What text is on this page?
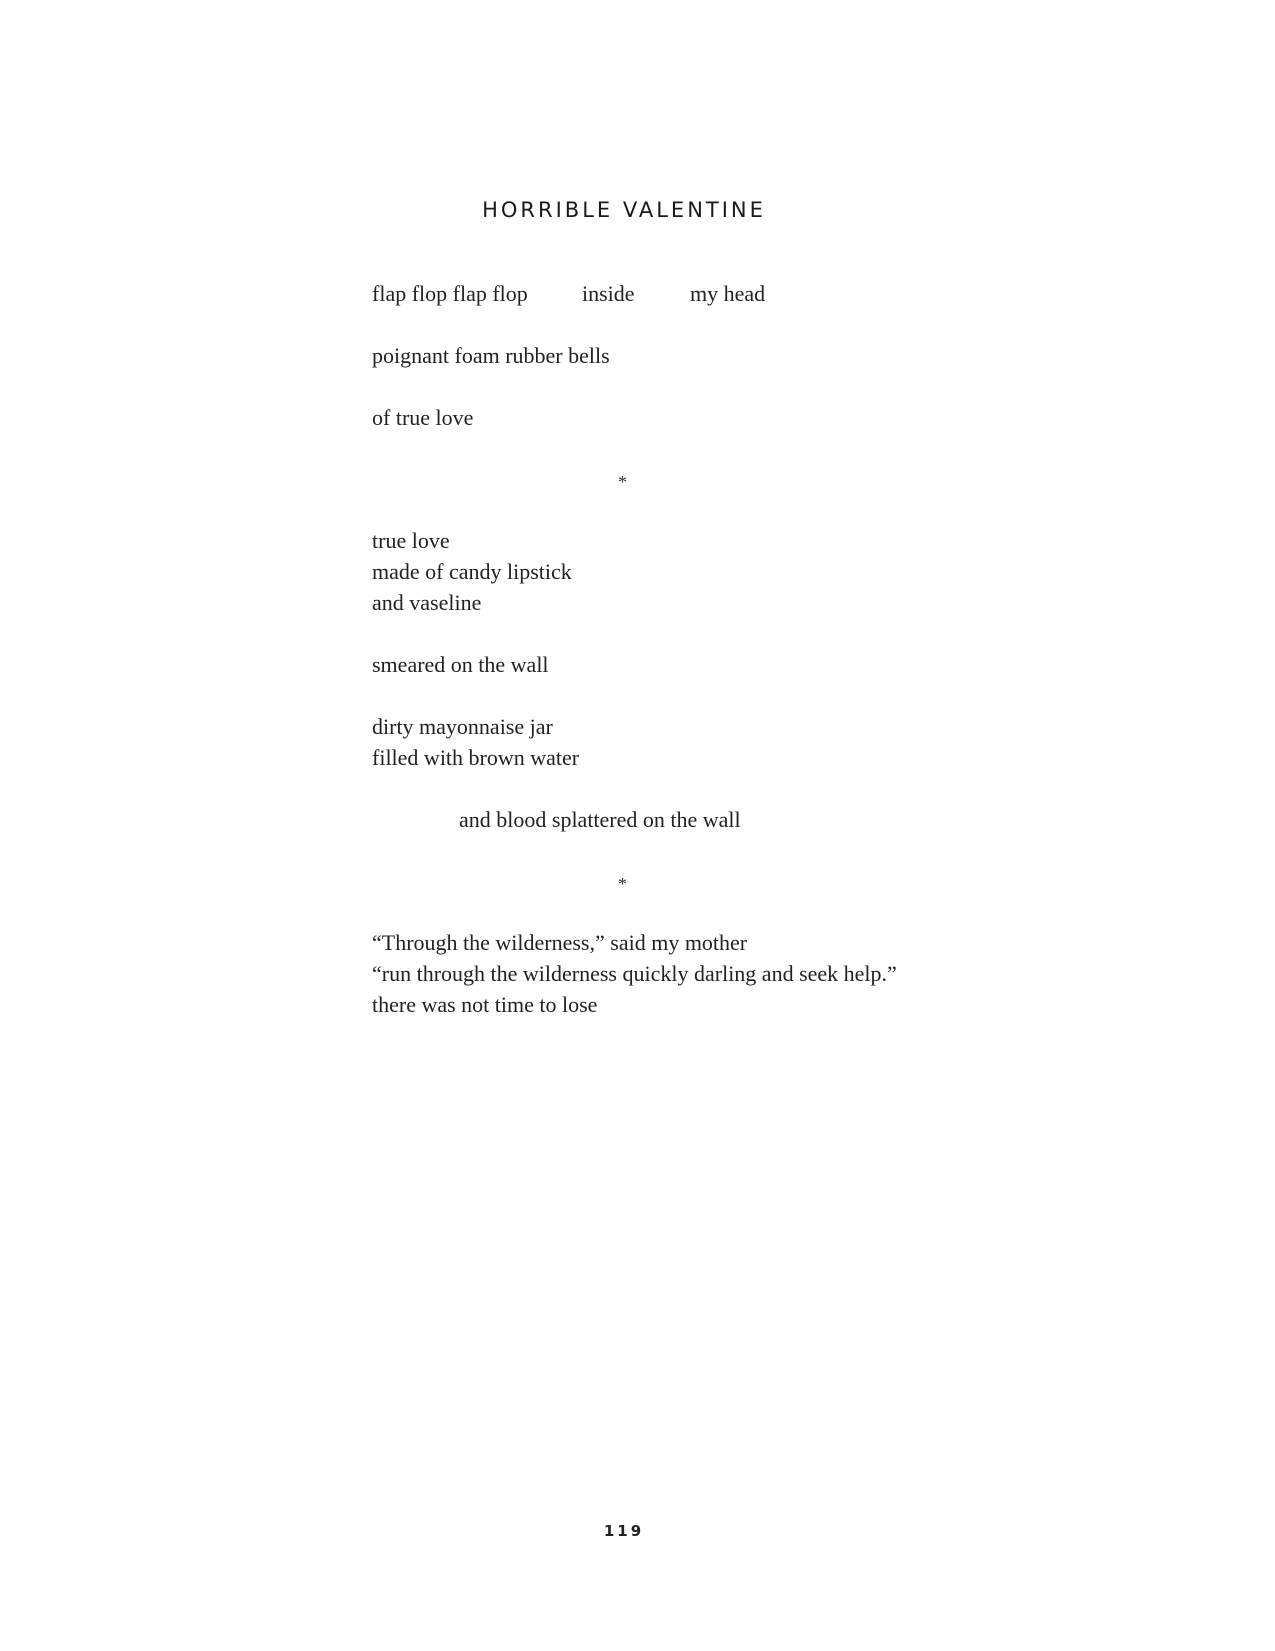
HORRIBLE VALENTINE
flap flop flap flop inside	my head
poignant foam rubber bells
of true love
*
true love
made of candy lipstick
and vaseline
smeared on the wall
dirty mayonnaise jar
filled with brown water
and blood splattered on the wall
*
“Through the wilderness,” said my mother
“run through the wilderness quickly darling and seek help.”
there was not time to lose
119
